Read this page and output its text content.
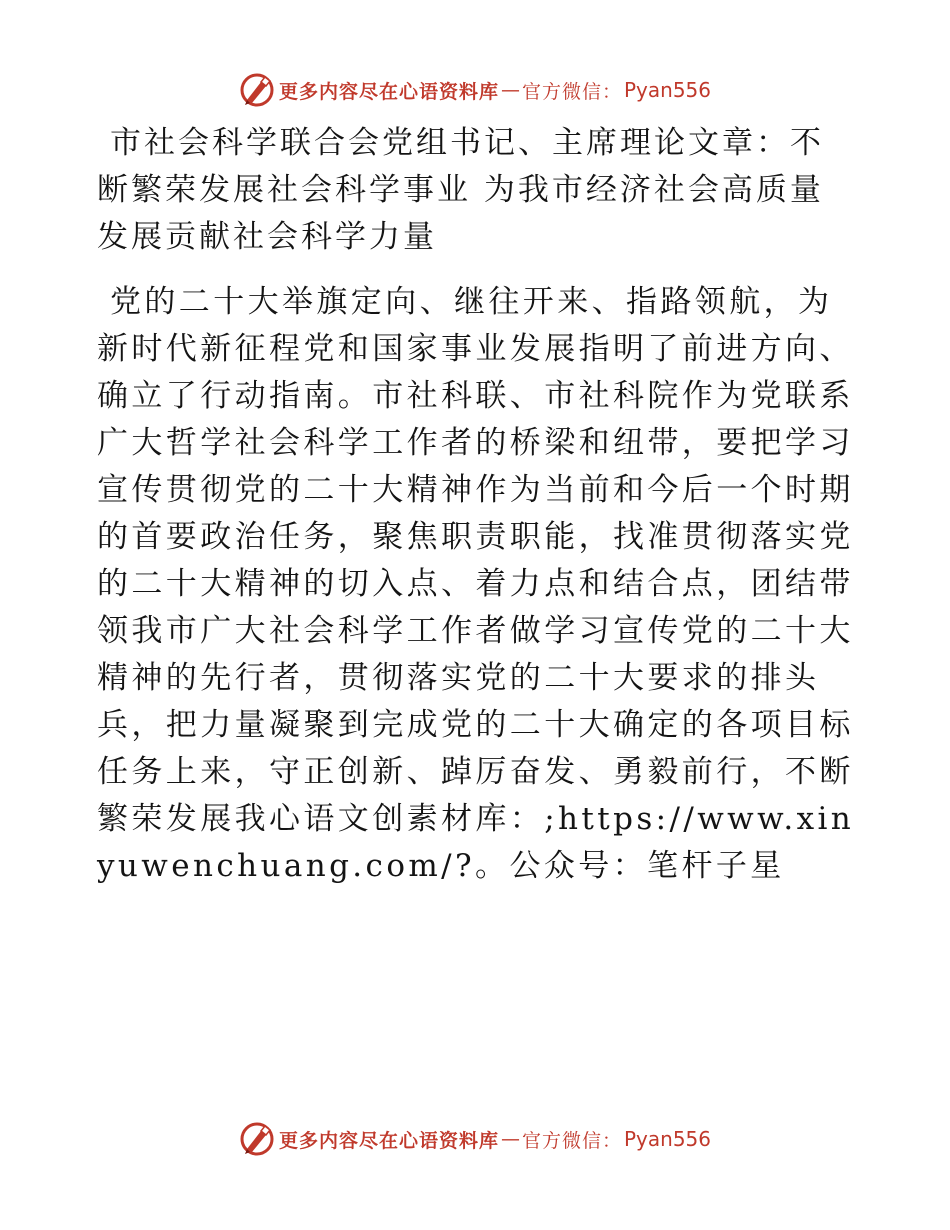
更多内容尽在心语资料库 — 官方微信： Pyan556
市社会科学联合会党组书记、主席理论文章：不断繁荣发展社会科学事业 为我市经济社会高质量发展贡献社会科学力量

党的二十大举旗定向、继往开来、指路领航，为新时代新征程党和国家事业发展指明了前进方向、确立了行动指南。市社科联、市社科院作为党联系广大哲学社会科学工作者的桥梁和纽带，要把学习宣传贯彻党的二十大精神作为当前和今后一个时期的首要政治任务，聚焦职责职能，找准贯彻落实党的二十大精神的切入点、着力点和结合点，团结带领我市广大社会科学工作者做学习宣传党的二十大精神的先行者，贯彻落实党的二十大要求的排头兵，把力量凝聚到完成党的二十大确定的各项目标任务上来，守正创新、踔厉奋发、勇毅前行，不断繁荣发展我心语文创素材库：;https://www.xinyuwenchuang.com/?。公众号：笔杆子星

更多内容尽在心语资料库 — 官方微信： Pyan556
